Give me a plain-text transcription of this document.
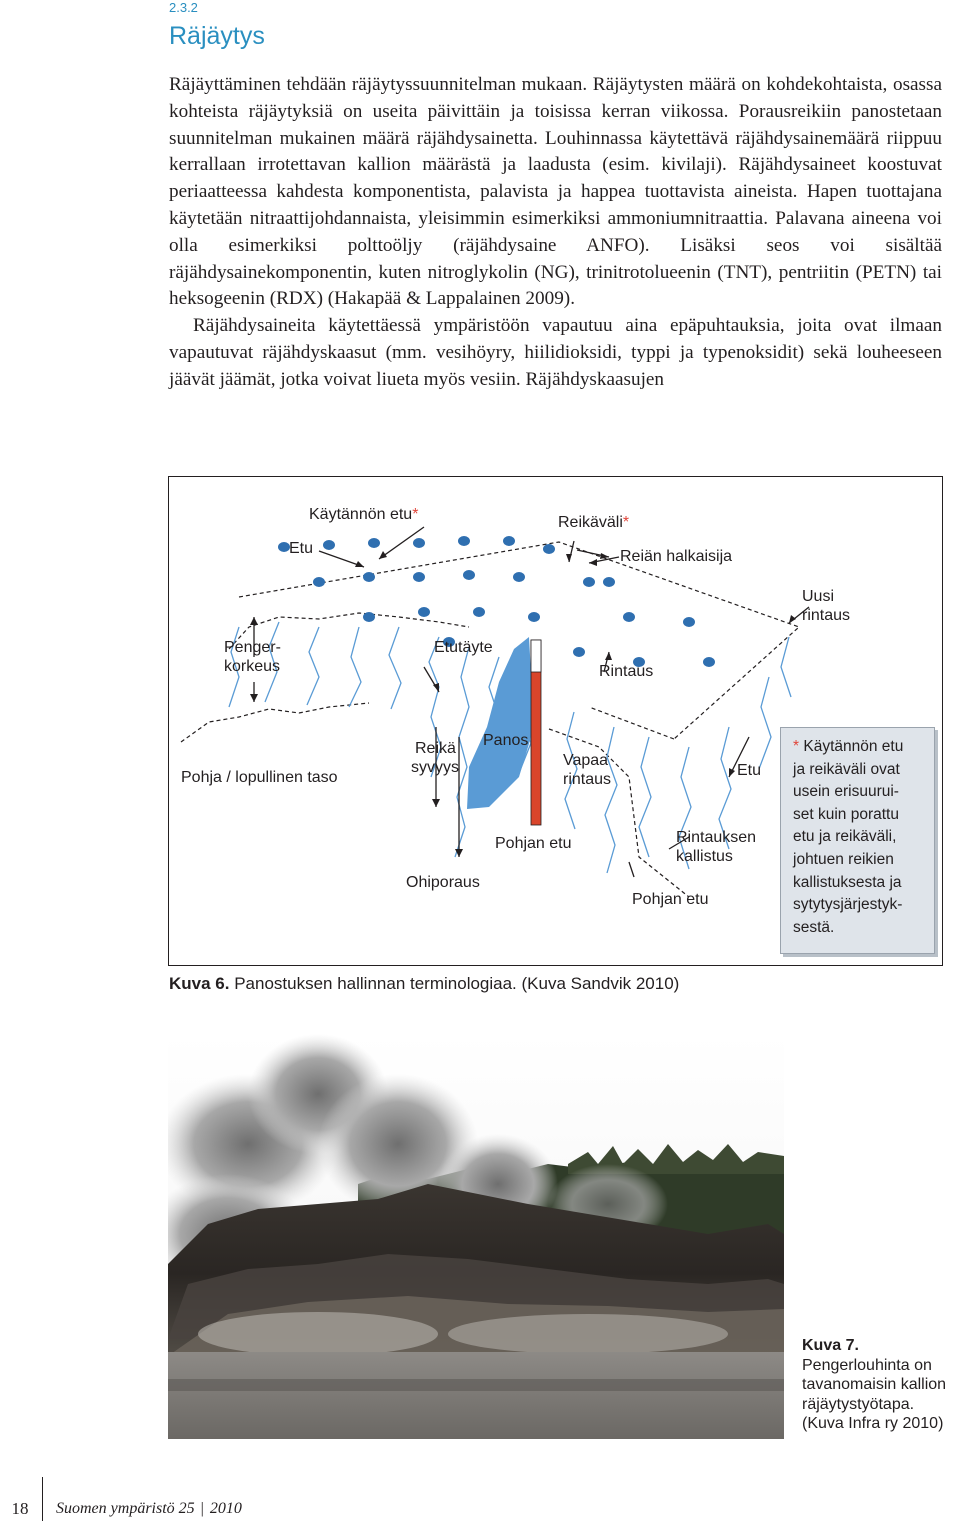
2.3.2
Räjäytys

Räjäyttäminen tehdään räjäytyssuunnitelman mukaan. Räjäytysten määrä on kohdekohtaista, osassa kohteista räjäytyksiä on useita päivittäin ja toisissa kerran viikossa. Porausreikiin panostetaan suunnitelman mukainen määrä räjähdysainetta. Louhinnassa käytettävä räjähdysainemäärä riippuu kerrallaan irrotettavan kallion määrästä ja laadusta (esim. kivilaji). Räjähdysaineet koostuvat periaatteessa kahdesta komponentista, palavista ja happea tuottavista aineista. Hapen tuottajana käytetään nitraattijohdannaista, yleisimmin esimerkiksi ammoniumnitraattia. Palavana aineena voi olla esimerkiksi polttoöljy (räjähdysaine ANFO). Lisäksi seos voi sisältää räjähdysainekomponentin, kuten nitroglykolin (NG), trinitrotolueenin (TNT), pentriitin (PETN) tai heksogeenin (RDX) (Hakapää & Lappalainen 2009).

Räjähdysaineita käytettäessä ympäristöön vapautuu aina epäpuhtauksia, joita ovat ilmaan vapautuvat räjähdyskaasut (mm. vesihöyry, hiilidioksidi, typpi ja typenoksidit) sekä louheeseen jäävät jäämät, jotka voivat liueta myös vesiin. Räjähdyskaasujen

Käytännön etu*	Reikäväli*
Etu	Reiän halkaisija
Uusi
rintaus
Penger-
korkeus
Etutäyte
Rintaus
Panos
Reikä
syvyys	Vapaa
rintaus
Etu
Pohja / lopullinen taso
Pohjan etu	Rintauksen
kallistus
Ohiporaus
Pohjan etu
* Käytännön etu
ja reikäväli ovat
usein erisuurui-
set kuin porattu
etu ja reikäväli,
johtuen reikien
kallistuksesta ja
sytytysjärjestyk-
sestä.
Kuva 6. Panostuksen hallinnan terminologiaa. (Kuva Sandvik 2010)
Kuva 7. Pengerlouhinta on tavanomaisin kallion räjäytystyötapa. (Kuva Infra ry 2010)
18	Suomen ympäristö 25 | 2010
